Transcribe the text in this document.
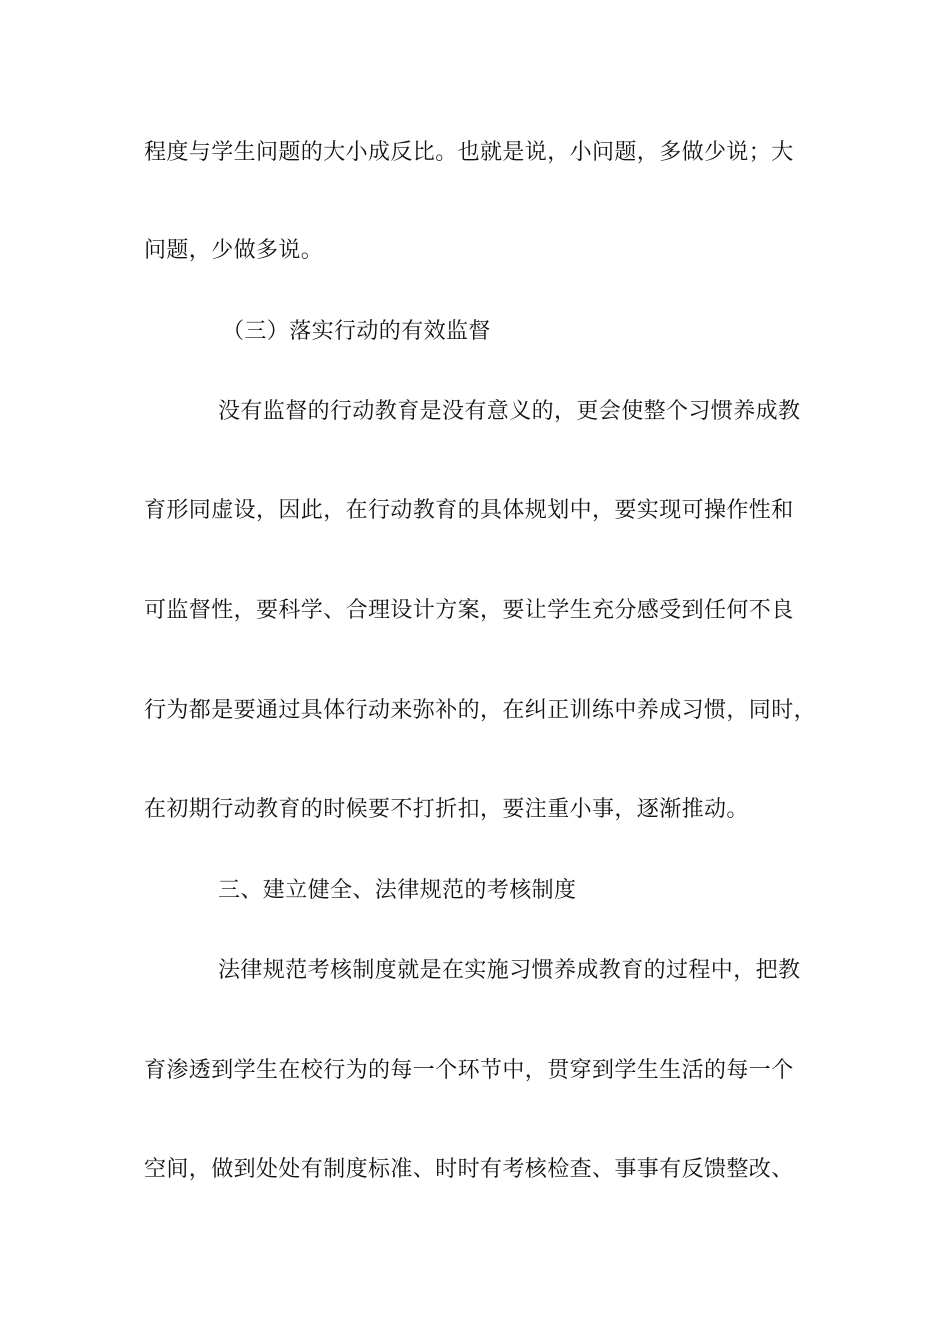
程度与学生问题的大小成反比。也就是说，小问题，多做少说；大
问题，少做多说。
（三）落实行动的有效监督
没有监督的行动教育是没有意义的，更会使整个习惯养成教
育形同虚设，因此，在行动教育的具体规划中，要实现可操作性和
可监督性，要科学、合理设计方案，要让学生充分感受到任何不良
行为都是要通过具体行动来弥补的，在纠正训练中养成习惯，同时，
在初期行动教育的时候要不打折扣，要注重小事，逐渐推动。
三、建立健全、法律规范的考核制度
法律规范考核制度就是在实施习惯养成教育的过程中，把教
育渗透到学生在校行为的每一个环节中，贯穿到学生生活的每一个
空间，做到处处有制度标准、时时有考核检查、事事有反馈整改、
